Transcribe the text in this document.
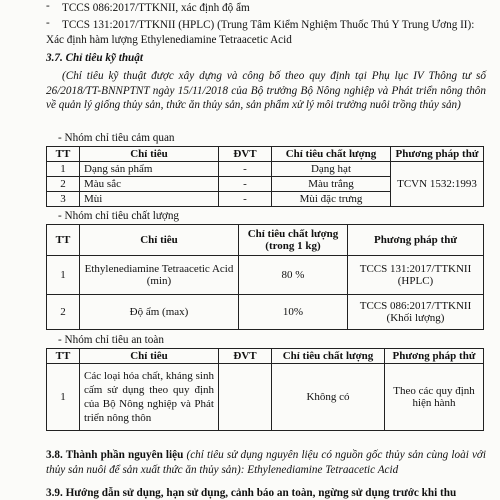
- TCCS 086:2017/TTKNII, xác định độ ẩm
- TCCS 131:2017/TTKNII (HPLC) (Trung Tâm Kiểm Nghiệm Thuốc Thú Y Trung Ương II):
Xác định hàm lượng Ethylenediamine Tetraacetic Acid
3.7. Chỉ tiêu kỹ thuật
(Chỉ tiêu kỹ thuật được xây dựng và công bố theo quy định tại Phụ lục IV Thông tư số 26/2018/TT-BNNPTNT ngày 15/11/2018 của Bộ trưởng Bộ Nông nghiệp và Phát triển nông thôn về quản lý giống thủy sản, thức ăn thủy sản, sản phẩm xử lý môi trường nuôi trồng thủy sản)
- Nhóm chỉ tiêu cảm quan
TT	Chỉ tiêu	ĐVT	Chỉ tiêu chất lượng	Phương pháp thử
1	Dạng sản phẩm	-	Dạng hạt	TCVN 1532:1993
2	Màu sắc	-	Màu trắng	
3	Mùi	-	Mùi đặc trưng	
- Nhóm chỉ tiêu chất lượng
TT	Chỉ tiêu	Chỉ tiêu chất lượng (trong 1 kg)	Phương pháp thử
1	Ethylenediamine Tetraacetic Acid (min)	80 %	TCCS 131:2017/TTKNII (HPLC)
2	Độ ẩm (max)	10%	TCCS 086:2017/TTKNII (Khối lượng)
- Nhóm chỉ tiêu an toàn
TT	Chỉ tiêu	ĐVT	Chỉ tiêu chất lượng	Phương pháp thử
1	Các loại hóa chất, kháng sinh cấm sử dụng theo quy định của Bộ Nông nghiệp và Phát triển nông thôn		Không có	Theo các quy định hiện hành
3.8. Thành phần nguyên liệu (chỉ tiêu sử dụng nguyên liệu có nguồn gốc thủy sản cùng loài với thủy sản nuôi để sản xuất thức ăn thủy sản): Ethylenediamine Tetraacetic Acid
3.9. Hướng dẫn sử dụng, hạn sử dụng, cảnh báo an toàn, ngừng sử dụng trước khi thu
